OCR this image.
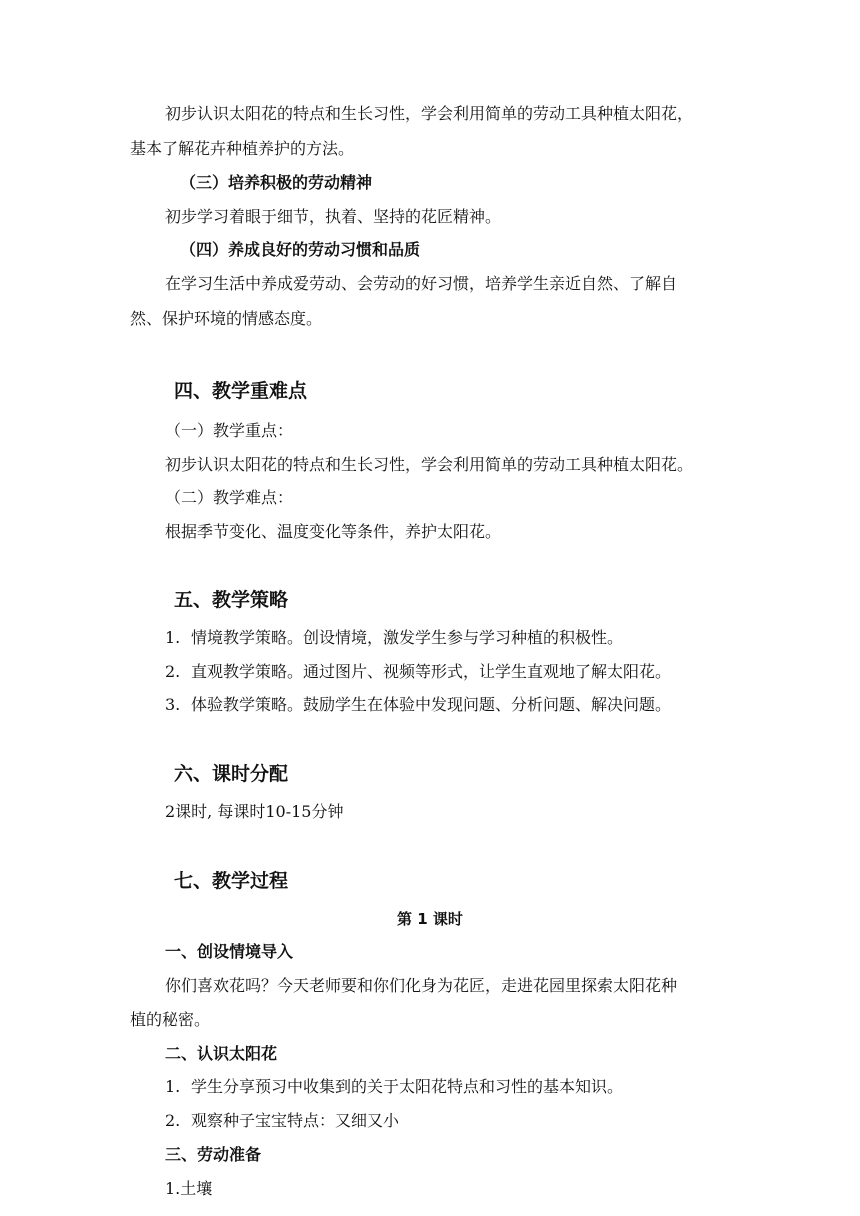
初步认识太阳花的特点和生长习性，学会利用简单的劳动工具种植太阳花，
基本了解花卉种植养护的方法。
（三）培养积极的劳动精神
初步学习着眼于细节，执着、坚持的花匠精神。
（四）养成良好的劳动习惯和品质
在学习生活中养成爱劳动、会劳动的好习惯，培养学生亲近自然、了解自
然、保护环境的情感态度。
四、教学重难点
（一）教学重点：
初步认识太阳花的特点和生长习性，学会利用简单的劳动工具种植太阳花。
（二）教学难点：
根据季节变化、温度变化等条件，养护太阳花。
五、教学策略
1. 情境教学策略。创设情境，激发学生参与学习种植的积极性。
2. 直观教学策略。通过图片、视频等形式，让学生直观地了解太阳花。
3. 体验教学策略。鼓励学生在体验中发现问题、分析问题、解决问题。
六、课时分配
2课时, 每课时10-15分钟
七、教学过程
第 1 课时
一、创设情境导入
你们喜欢花吗？今天老师要和你们化身为花匠，走进花园里探索太阳花种
植的秘密。
二、认识太阳花
1. 学生分享预习中收集到的关于太阳花特点和习性的基本知识。
2. 观察种子宝宝特点：又细又小
三、劳动准备
1.土壤
